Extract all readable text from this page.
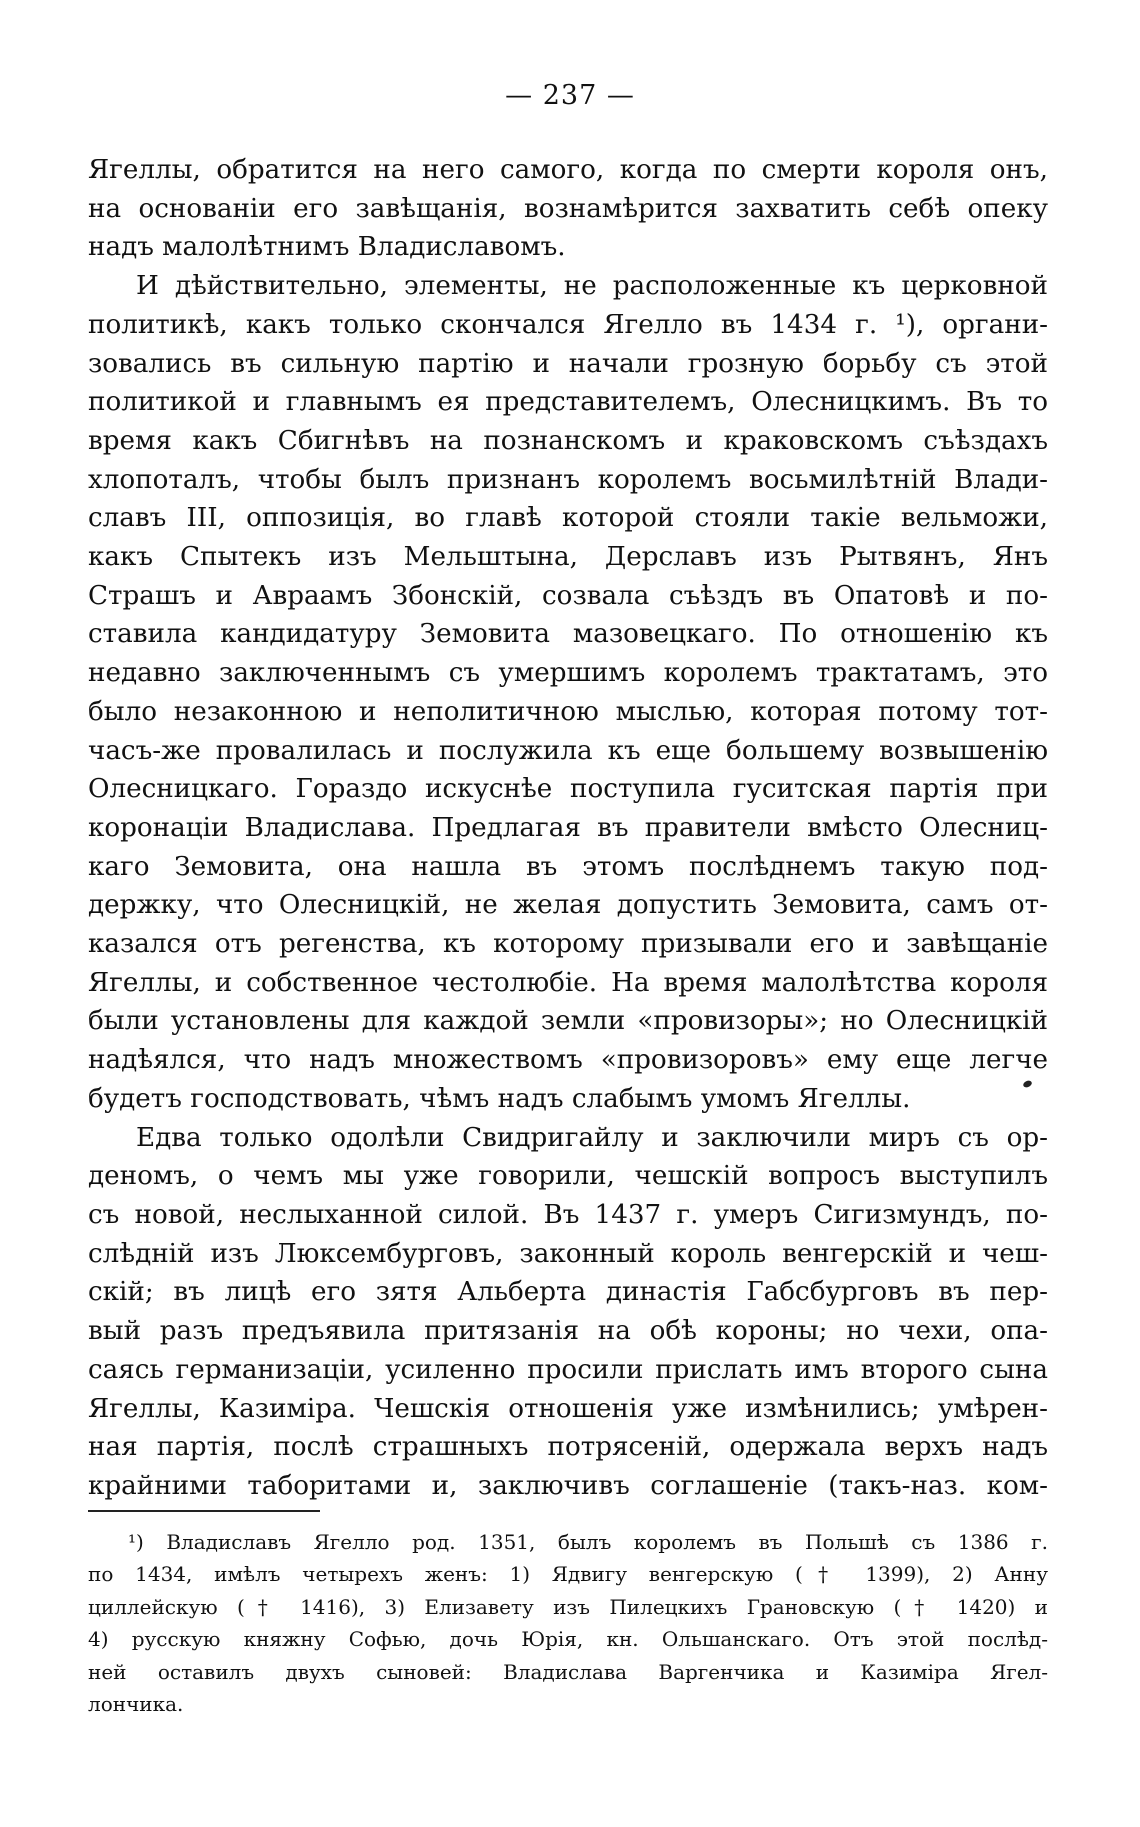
— 237 —
Ягеллы, обратится на него самого, когда по смерти короля онъ,
на основаніи его завѣщанія, вознамѣрится захватить себѣ опеку
надъ малолѣтнимъ Владиславомъ.
И дѣйствительно, элементы, не расположенные къ церковной
политикѣ, какъ только скончался Ягелло въ 1434 г. ¹), органи-
зовались въ сильную партію и начали грозную борьбу съ этой
политикой и главнымъ ея представителемъ, Олесницкимъ. Въ то
время какъ Сбигнѣвъ на познанскомъ и краковскомъ съѣздахъ
хлопоталъ, чтобы былъ признанъ королемъ восьмилѣтній Влади-
славъ III, оппозиція, во главѣ которой стояли такіе вельможи,
какъ Спытекъ изъ Мельштына, Дерславъ изъ Рытвянъ, Янъ
Страшъ и Авраамъ Збонскій, созвала съѣздъ въ Опатовѣ и по-
ставила кандидатуру Земовита мазовецкаго. По отношенію къ
недавно заключеннымъ съ умершимъ королемъ трактатамъ, это
было незаконною и неполитичною мыслью, которая потому тот-
часъ-же провалилась и послужила къ еще большему возвышенію
Олесницкаго. Гораздо искуснѣе поступила гуситская партія при
коронаціи Владислава. Предлагая въ правители вмѣсто Олесниц-
каго Земовита, она нашла въ этомъ послѣднемъ такую под-
держку, что Олесницкій, не желая допустить Земовита, самъ от-
казался отъ регенства, къ которому призывали его и завѣщаніе
Ягеллы, и собственное честолюбіе. На время малолѣтства короля
были установлены для каждой земли «провизоры»; но Олесницкій
надѣялся, что надъ множествомъ «провизоровъ» ему еще легче
будетъ господствовать, чѣмъ надъ слабымъ умомъ Ягеллы.
Едва только одолѣли Свидригайлу и заключили миръ съ ор-
деномъ, о чемъ мы уже говорили, чешскій вопросъ выступилъ
съ новой, неслыханной силой. Въ 1437 г. умеръ Сигизмундъ, по-
слѣдній изъ Люксембурговъ, законный король венгерскій и чеш-
скій; въ лицѣ его зятя Альберта династія Габсбурговъ въ пер-
вый разъ предъявила притязанія на обѣ короны; но чехи, опа-
саясь германизаціи, усиленно просили прислать имъ второго сына
Ягеллы, Казиміра. Чешскія отношенія уже измѣнились; умѣрен-
ная партія, послѣ страшныхъ потрясеній, одержала верхъ надъ
крайними таборитами и, заключивъ соглашеніе (такъ-наз. ком-
¹) Владиславъ Ягелло род. 1351, былъ королемъ въ Польшѣ съ 1386 г.
по 1434, имѣлъ четырехъ женъ: 1) Ядвигу венгерскую († 1399), 2) Анну
циллейскую († 1416), 3) Елизавету изъ Пилецкихъ Грановскую († 1420) и
4) русскую княжну Софью, дочь Юрія, кн. Ольшанскаго. Отъ этой послѣд-
ней оставилъ двухъ сыновей: Владислава Варгенчика и Казиміра Ягел-
лончика.
